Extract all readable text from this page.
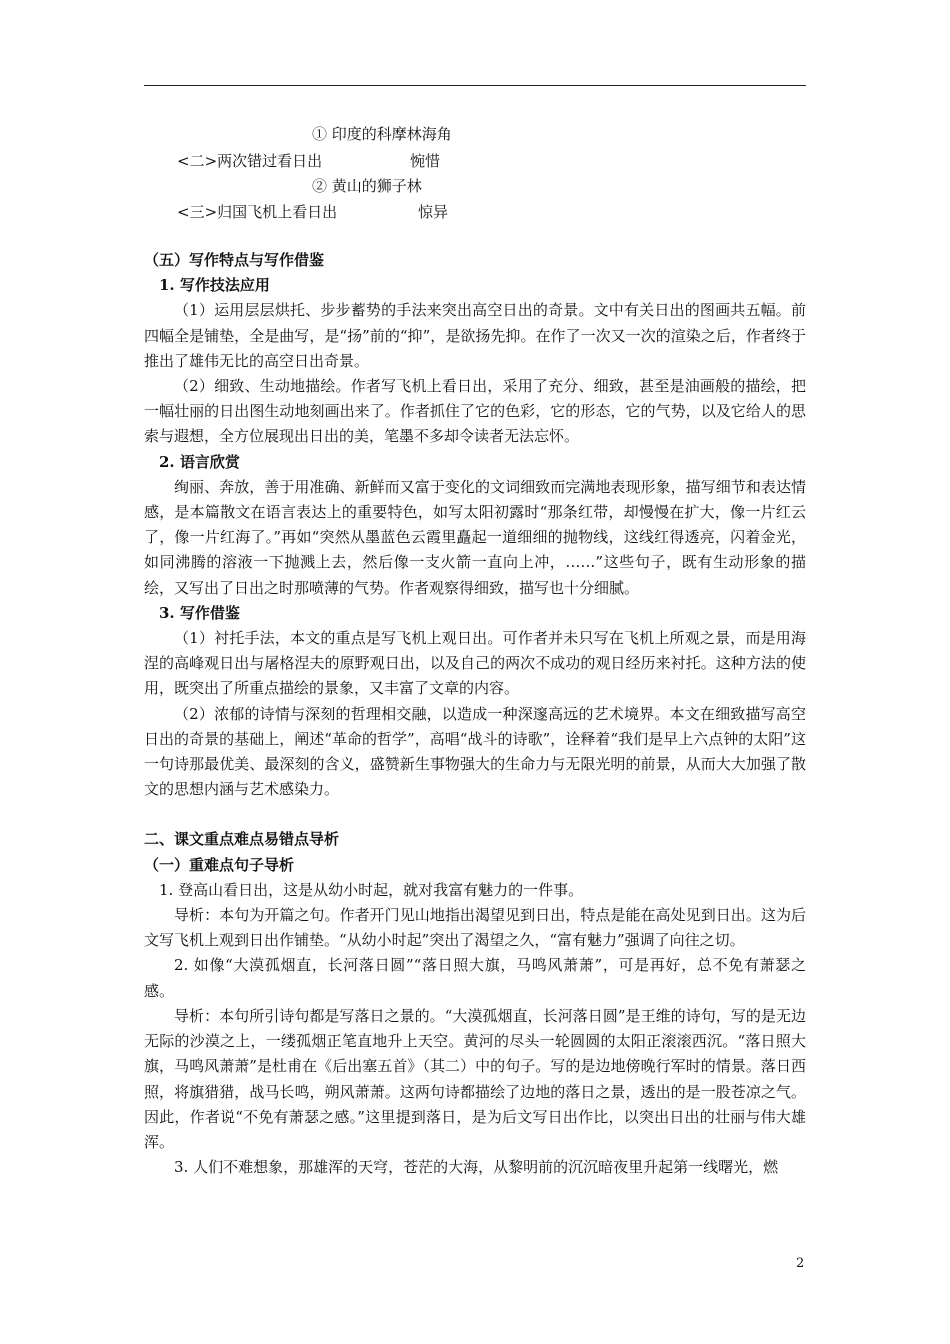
① 印度的科摩林海角
<二>两次错过看日出	惋惜
② 黄山的狮子林
<三>归国飞机上看日出	惊异

（五）写作特点与写作借鉴

1. 写作技法应用

（1）运用层层烘托、步步蓄势的手法来突出高空日出的奇景。文中有关日出的图画共五幅。前四幅全是铺垫，全是曲写，是“扬”前的“抑”，是欲扬先抑。在作了一次又一次的渲染之后，作者终于推出了雄伟无比的高空日出奇景。

（2）细致、生动地描绘。作者写飞机上看日出，采用了充分、细致，甚至是油画般的描绘，把一幅壮丽的日出图生动地刻画出来了。作者抓住了它的色彩，它的形态，它的气势，以及它给人的思索与遐想，全方位展现出日出的美，笔墨不多却令读者无法忘怀。

2. 语言欣赏

绚丽、奔放，善于用准确、新鲜而又富于变化的文词细致而完满地表现形象，描写细节和表达情感，是本篇散文在语言表达上的重要特色，如写太阳初露时“那条红带，却慢慢在扩大，像一片红云了，像一片红海了。”再如“突然从墨蓝色云霞里矗起一道细细的抛物线，这线红得透亮，闪着金光，如同沸腾的溶液一下抛溅上去，然后像一支火箭一直向上冲，……”这些句子，既有生动形象的描绘，又写出了日出之时那喷薄的气势。作者观察得细致，描写也十分细腻。

3. 写作借鉴

（1）衬托手法，本文的重点是写飞机上观日出。可作者并未只写在飞机上所观之景，而是用海涅的高峰观日出与屠格涅夫的原野观日出，以及自己的两次不成功的观日经历来衬托。这种方法的使用，既突出了所重点描绘的景象，又丰富了文章的内容。

（2）浓郁的诗情与深刻的哲理相交融，以造成一种深邃高远的艺术境界。本文在细致描写高空日出的奇景的基础上，阐述“革命的哲学”，高唱“战斗的诗歌”，诠释着“我们是早上六点钟的太阳”这一句诗那最优美、最深刻的含义，盛赞新生事物强大的生命力与无限光明的前景，从而大大加强了散文的思想内涵与艺术感染力。

二、课文重点难点易错点导析

（一）重难点句子导析

1. 登高山看日出，这是从幼小时起，就对我富有魅力的一件事。

导析：本句为开篇之句。作者开门见山地指出渴望见到日出，特点是能在高处见到日出。这为后文写飞机上观到日出作铺垫。“从幼小时起”突出了渴望之久，“富有魅力”强调了向往之切。

2. 如像“大漠孤烟直，长河落日圆”“落日照大旗，马鸣风萧萧”，可是再好，总不免有萧瑟之感。

导析：本句所引诗句都是写落日之景的。“大漠孤烟直，长河落日圆”是王维的诗句，写的是无边无际的沙漠之上，一缕孤烟正笔直地升上天空。黄河的尽头一轮圆圆的太阳正滚滚西沉。“落日照大旗，马鸣风萧萧”是杜甫在《后出塞五首》（其二）中的句子。写的是边地傍晚行军时的情景。落日西照，将旗猎猎，战马长鸣，朔风萧萧。这两句诗都描绘了边地的落日之景，透出的是一股苍凉之气。因此，作者说“不免有萧瑟之感。”这里提到落日，是为后文写日出作比，以突出日出的壮丽与伟大雄浑。

3. 人们不难想象，那雄浑的天穹，苍茫的大海，从黎明前的沉沉暗夜里升起第一线曙光，燃

2
